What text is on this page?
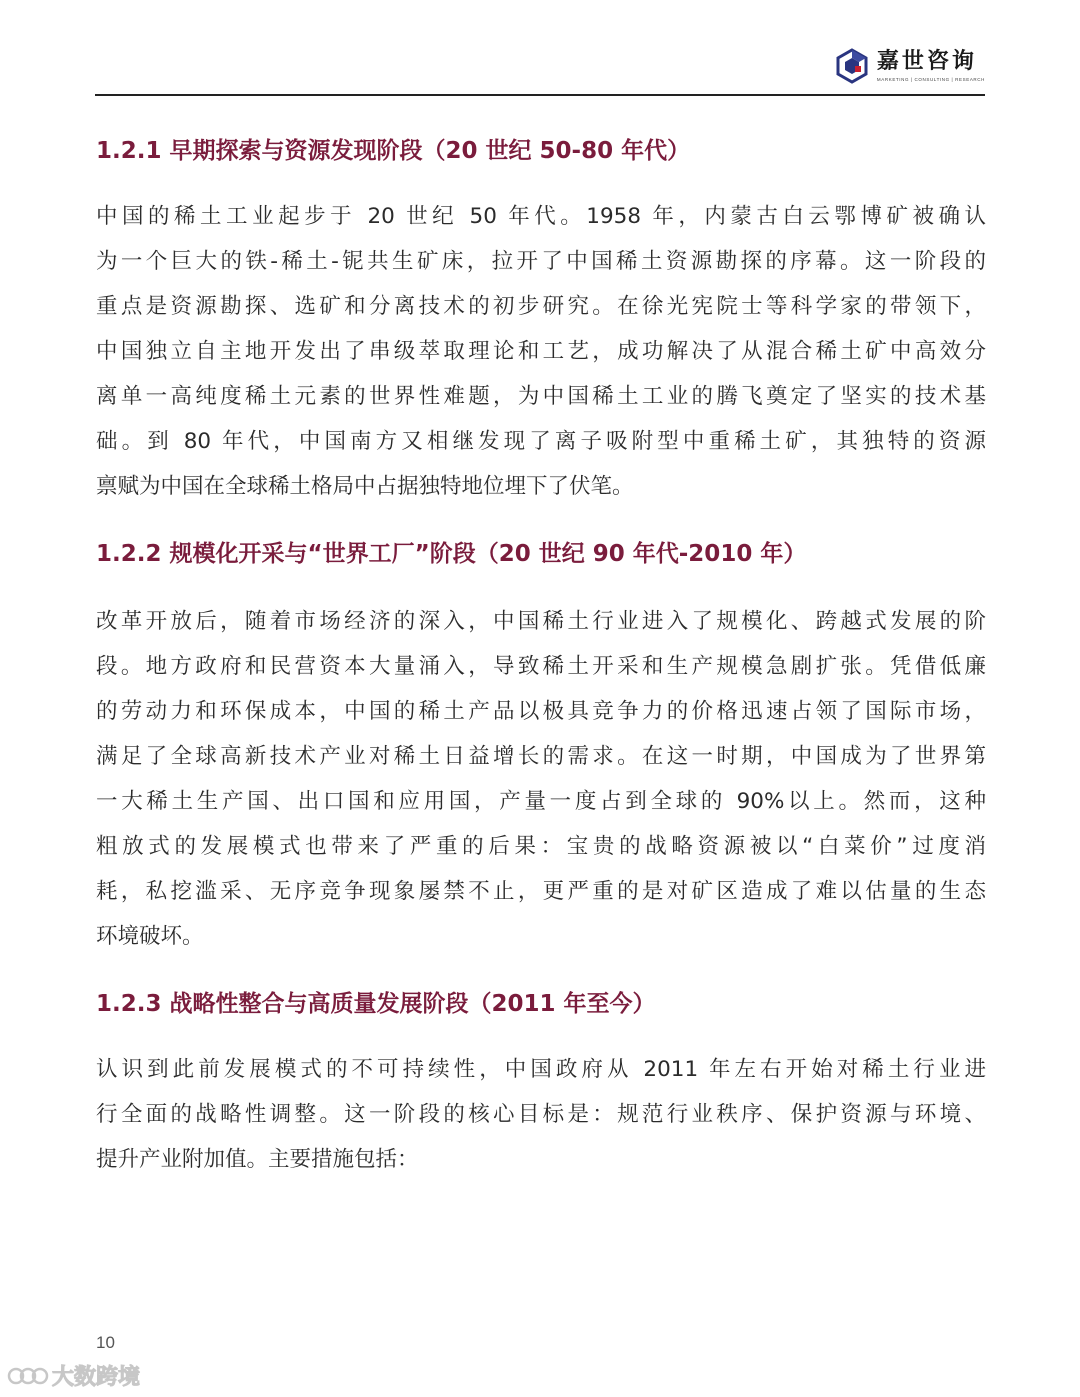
嘉世咨询
MARKETING | CONSULTING | RESEARCH
1.2.1 早期探索与资源发现阶段（20 世纪 50-80 年代）
中国的稀土工业起步于 20 世纪 50 年代。1958 年，内蒙古白云鄂博矿被确认
为一个巨大的铁-稀土-铌共生矿床，拉开了中国稀土资源勘探的序幕。这一阶段的
重点是资源勘探、选矿和分离技术的初步研究。在徐光宪院士等科学家的带领下，
中国独立自主地开发出了串级萃取理论和工艺，成功解决了从混合稀土矿中高效分
离单一高纯度稀土元素的世界性难题，为中国稀土工业的腾飞奠定了坚实的技术基
础。到 80 年代，中国南方又相继发现了离子吸附型中重稀土矿，其独特的资源
禀赋为中国在全球稀土格局中占据独特地位埋下了伏笔。
1.2.2 规模化开采与“世界工厂”阶段（20 世纪 90 年代-2010 年）
改革开放后，随着市场经济的深入，中国稀土行业进入了规模化、跨越式发展的阶
段。地方政府和民营资本大量涌入，导致稀土开采和生产规模急剧扩张。凭借低廉
的劳动力和环保成本，中国的稀土产品以极具竞争力的价格迅速占领了国际市场，
满足了全球高新技术产业对稀土日益增长的需求。在这一时期，中国成为了世界第
一大稀土生产国、出口国和应用国，产量一度占到全球的 90%以上。然而，这种
粗放式的发展模式也带来了严重的后果：宝贵的战略资源被以“白菜价”过度消
耗，私挖滥采、无序竞争现象屡禁不止，更严重的是对矿区造成了难以估量的生态
环境破坏。
1.2.3 战略性整合与高质量发展阶段（2011 年至今）
认识到此前发展模式的不可持续性，中国政府从 2011 年左右开始对稀土行业进
行全面的战略性调整。这一阶段的核心目标是：规范行业秩序、保护资源与环境、
提升产业附加值。主要措施包括：
10
大数跨境
